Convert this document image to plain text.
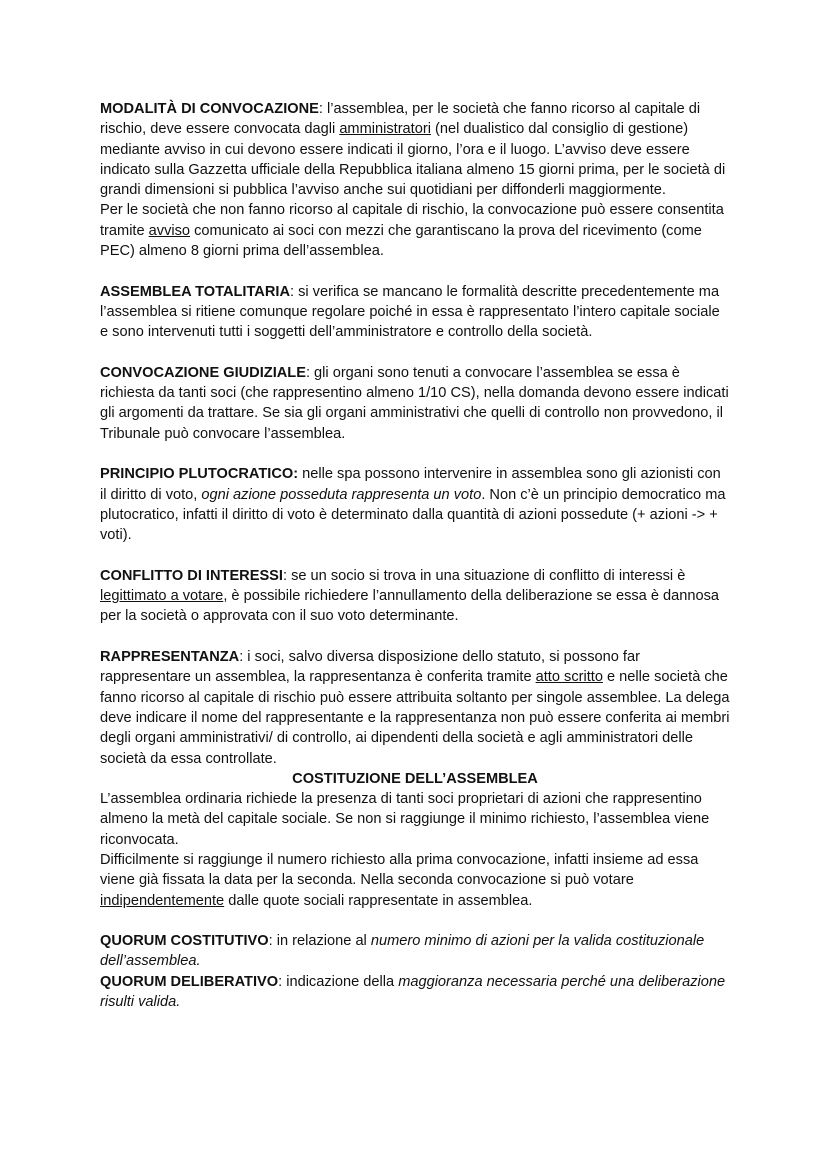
MODALITÀ DI CONVOCAZIONE: l’assemblea, per le società che fanno ricorso al capitale di rischio, deve essere convocata dagli amministratori (nel dualistico dal consiglio di gestione) mediante avviso in cui devono essere indicati il giorno, l’ora e il luogo. L’avviso deve essere indicato sulla Gazzetta ufficiale della Repubblica italiana almeno 15 giorni prima, per le società di grandi dimensioni si pubblica l’avviso anche sui quotidiani per diffonderli maggiormente.

Per le società che non fanno ricorso al capitale di rischio, la convocazione può essere consentita tramite avviso comunicato ai soci con mezzi che garantiscano la prova del ricevimento (come PEC) almeno 8 giorni prima dell’assemblea.

ASSEMBLEA TOTALITARIA: si verifica se mancano le formalità descritte precedentemente ma l’assemblea si ritiene comunque regolare poiché in essa è rappresentato l’intero capitale sociale e sono intervenuti tutti i soggetti dell’amministratore e controllo della società.

CONVOCAZIONE GIUDIZIALE: gli organi sono tenuti a convocare l’assemblea se essa è richiesta da tanti soci (che rappresentino almeno 1/10 CS), nella domanda devono essere indicati gli argomenti da trattare. Se sia gli organi amministrativi che quelli di controllo non provvedono, il Tribunale può convocare l’assemblea.

PRINCIPIO PLUTOCRATICO: nelle spa possono intervenire in assemblea sono gli azionisti con il diritto di voto, ogni azione posseduta rappresenta un voto. Non c’è un principio democratico ma plutocratico, infatti il diritto di voto è determinato dalla quantità di azioni possedute (+ azioni -> + voti).

CONFLITTO DI INTERESSI: se un socio si trova in una situazione di conflitto di interessi è legittimato a votare, è possibile richiedere l’annullamento della deliberazione se essa è dannosa per la società o approvata con il suo voto determinante.

RAPPRESENTANZA: i soci, salvo diversa disposizione dello statuto, si possono far rappresentare un assemblea, la rappresentanza è conferita tramite atto scritto e nelle società che fanno ricorso al capitale di rischio può essere attribuita soltanto per singole assemblee. La delega deve indicare il nome del rappresentante e la rappresentanza non può essere conferita ai membri degli organi amministrativi/ di controllo, ai dipendenti della società e agli amministratori delle società da essa controllate.

COSTITUZIONE DELL’ASSEMBLEA

L’assemblea ordinaria richiede la presenza di tanti soci proprietari di azioni che rappresentino almeno la metà del capitale sociale. Se non si raggiunge il minimo richiesto, l’assemblea viene riconvocata.

Difficilmente si raggiunge il numero richiesto alla prima convocazione, infatti insieme ad essa viene già fissata la data per la seconda. Nella seconda convocazione si può votare indipendentemente dalle quote sociali rappresentate in assemblea.

QUORUM COSTITUTIVO: in relazione al numero minimo di azioni per la valida costituzionale dell’assemblea.

QUORUM DELIBERATIVO: indicazione della maggioranza necessaria perché una deliberazione risulti valida.
